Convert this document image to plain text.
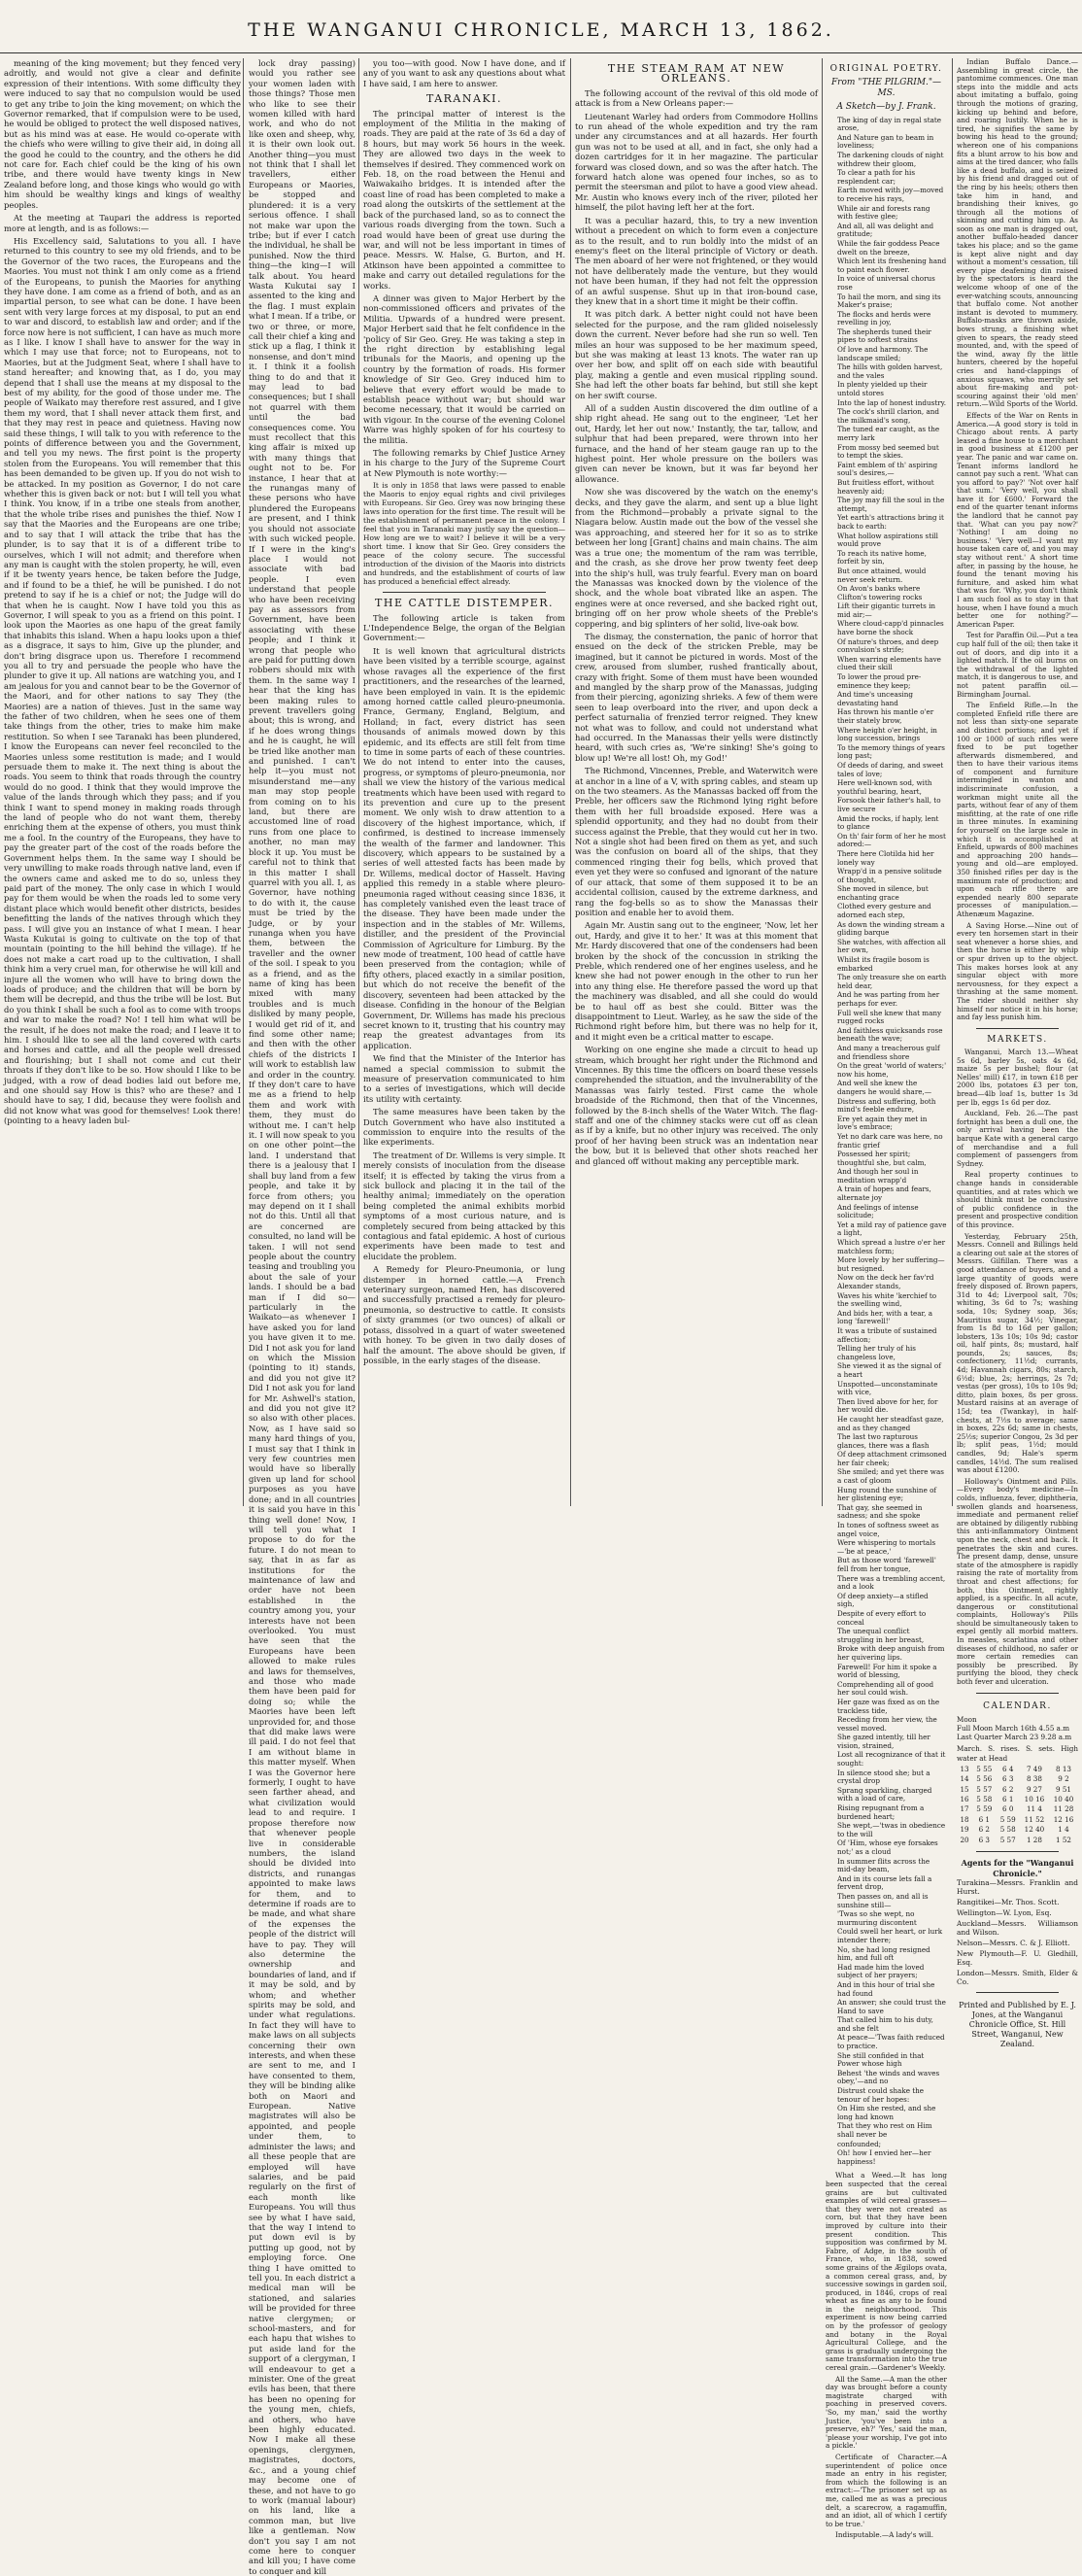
THE WANGANUI CHRONICLE, MARCH 13, 1862.

meaning of the king movement; but they fenced very adroitly, and would not give a clear and definite expression of their intentions. With some difficulty they were induced to say that no compulsion would be used to get any tribe to join the king movement; on which the Governor remarked, that if compulsion were to be used, he would be obliged to protect the well disposed natives, but as his mind was at ease. He would co-operate with the chiefs who were willing to give their aid, in doing all the good he could to the country, and the others he did not care for. Each chief could be the king of his own tribe, and there would have twenty kings in New Zealand before long, and those kings who would go with him should be wealthy kings and kings of wealthy peoples.

At the meeting at Taupari the address is reported more at length, and is as follows:—

His Excellency said, Salutations to you all. I have returned to this country to see my old friends, and to be the Governor of the two races, the Europeans and the Maories. You must not think I am only come as a friend of the Europeans, to punish the Maories for anything they have done. I am come as a friend of both, and as an impartial person, to see what can be done. I have been sent with very large forces at my disposal, to put an end to war and discord, to establish law and order; and if the force now here is not sufficient, I can have as much more as I like. I know I shall have to answer for the way in which I may use that force; not to Europeans, not to Maories, but at the Judgment Seat, where I shall have to stand hereafter; and knowing that, as I do, you may depend that I shall use the means at my disposal to the best of my ability, for the good of those under me. The people of Waikato may therefore rest assured, and I give them my word, that I shall never attack them first, and that they may rest in peace and quietness. Having now said these things, I will talk to you with reference to the points of difference between you and the Government, and tell you my news. The first point is the property stolen from the Europeans. You will remember that this has been demanded to be given up. If you do not wish to be attacked. In my position as Governor, I do not care whether this is given back or not: but I will tell you what I think. You know, if in a tribe one steals from another, that the whole tribe rises and punishes the thief. Now I say that the Maories and the Europeans are one tribe; and to say that I will attack the tribe that has the plunder, is to say that it is of a different tribe to ourselves, which I will not admit; and therefore when any man is caught with the stolen property, he will, even if it be twenty years hence, be taken before the Judge, and if found to be a thief, he will be punished. I do not pretend to say if he is a chief or not; the Judge will do that when he is caught. Now I have told you this as Governor, I will speak to you as a friend on this point. I look upon the Maories as one hapu of the great family that inhabits this island. When a hapu looks upon a thief as a disgrace, it says to him, Give up the plunder, and don't bring disgrace upon us. Therefore I recommend you all to try and persuade the people who have the plunder to give it up. All nations are watching you, and I am jealous for you and cannot bear to be the Governor of the Maori, and for other nations to say They (the Maories) are a nation of thieves. Just in the same way the father of two children, when he sees one of them take things from the other, tries to make him make restitution. So when I see Taranaki has been plundered, I know the Europeans can never feel reconciled to the Maories unless some restitution is made; and I would persuade them to make it. The next thing is about the roads. You seem to think that roads through the country would do no good. I think that they would improve the value of the lands through which they pass; and if you think I want to spend money in making roads through the land of people who do not want them, thereby enriching them at the expense of others, you must think me a fool. In the country of the Europeans, they have to pay the greater part of the cost of the roads before the Government helps them. In the same way I should be very unwilling to make roads through native land, even if the owners came and asked me to do so, unless they paid part of the money. The only case in which I would pay for them would be when the roads led to some very distant place which would benefit other districts, besides benefitting the lands of the natives through which they pass. I will give you an instance of what I mean. I hear Wasta Kukutai is going to cultivate on the top of that mountain (pointing to the hill behind the village). If he does not make a cart road up to the cultivation, I shall think him a very cruel man, for otherwise he will kill and injure all the women who will have to bring down the loads of produce; and the children that will be born by them will be decrepid, and thus the tribe will be lost. But do you think I shall be such a fool as to come with troops and war to make the road? No! I tell him what will be the result, if he does not make the road; and I leave it to him. I should like to see all the land covered with carts and horses and cattle, and all the people well dressed and flourishing; but I shall not come and cut their throats if they don't like to be so. How should I like to be judged, with a row of dead bodies laid out before me, and one should say How is this? who are these? and I should have to say, I did, because they were foolish and did not know what was good for themselves! Look there! (pointing to a heavy laden bul-

lock dray passing) would you rather see your women laden with those things? Those men who like to see their women killed with hard work, and who do not like oxen and sheep, why, it is their own look out. Another thing—you must not think that I shall let travellers, either Europeans or Maories, be stopped and plundered: it is a very serious offence. I shall not make war upon the tribe; but if ever I catch the individual, he shall be punished. Now the third thing—the king—I will talk about. You heard Wasta Kukutai say I assented to the king and the flag. I must explain what I mean. If a tribe, or two or three, or more, call their chief a king and stick up a flag, I think it nonsense, and don't mind it. I think it a foolish thing to do and that it may lead to bad consequences; but I shall not quarrel with them until the bad consequences come. You must recollect that this king affair is mixed up with many things that ought not to be. For instance, I hear that at the runangas many of these persons who have plundered the Europeans are present, and I think you should not associate with such wicked people. If I were in the king's place I would not associate with bad people. I even understand that people who have been receiving pay as assessors from Government, have been associating with these people; and I think it wrong that people who are paid for putting down robbers should mix with them. In the same way I hear that the king has been making rules to prevent travellers going about; this is wrong, and if he does wrong things and he is caught, he will be tried like another man and punished. I can't help it—you must not misunderstand me—any man may stop people from coming on to his land, but there are accustomed line of road runs from one place to another, no man may block it up. You must be careful not to think that in this matter I shall quarrel with you all. I, as Governor, have nothing to do with it, the cause must be tried by the Judge, or by your runanga when you have them, between the traveller and the owner of the soil. I speak to you as a friend, and as the name of king has been mixed with many troubles and is much disliked by many people, I would get rid of it, and find some other name; and then with the other chiefs of the districts I will work to establish law and order in the country. If they don't care to have me as a friend to help them and work with them, they must do without me. I can't help it. I will now speak to you on one other point—the land. I understand that there is a jealousy that I shall buy land from a few people, and take it by force from others; you may depend on it I shall not do this. Until all that are concerned are consulted, no land will be taken. I will not send people about the country teasing and troubling you about the sale of your lands. I should be a bad man if I did so—particularly in the Waikato—as whenever I have asked you for land you have given it to me. Did I not ask you for land on which the Mission (pointing to it) stands, and did you not give it? Did I not ask you for land for Mr. Ashwell's station, and did you not give it? so also with other places. Now, as I have said so many hard things of you, I must say that I think in very few countries men would have so liberally given up land for school purposes as you have done; and in all countries it is said you have in this thing well done! Now, I will tell you what I propose to do for the future. I do not mean to say, that in as far as institutions for the maintenance of law and order have not been established in the country among you, your interests have not been overlooked. You must have seen that the Europeans have been allowed to make rules and laws for themselves, and those who made them have been paid for doing so; while the Maories have been left unprovided for, and those that did make laws were ill paid. I do not feel that I am without blame in this matter myself. When I was the Governor here formerly, I ought to have seen farther ahead, and what civilization would lead to and require. I propose therefore now that whenever people live in considerable numbers, the island should be divided into districts, and runangas appointed to make laws for them, and to determine if roads are to be made, and what share of the expenses the people of the district will have to pay. They will also determine the ownership and boundaries of land, and if it may be sold, and by whom; and whether spirits may be sold, and under what regulations. In fact they will have to make laws on all subjects concerning their own interests, and when these are sent to me, and I have consented to them, they will be binding alike both on Maori and European. Native magistrates will also be appointed, and people under them, to administer the laws; and all these people that are employed will have salaries, and be paid regularly on the first of each month like Europeans. You will thus see by what I have said, that the way I intend to put down evil is by putting up good, not by employing force. One thing I have omitted to tell you. In each district a medical man will be stationed, and salaries will be provided for three native clergymen; or school-masters, and for each hapu that wishes to put aside land for the support of a clergyman, I will endeavour to get a minister. One of the great evils has been, that there has been no opening for the young men, chiefs, and others, who have been highly educated. Now I make all these openings, clergymen, magistrates, doctors, &c., and a young chief may become one of these, and not have to go to work (manual labour) on his land, like a common man, but live like a gentleman. Now don't you say I am not come here to conquer and kill you; I have come to conquer and kill

you too—with good. Now I have done, and if any of you want to ask any questions about what I have said, I am here to answer.

TARANAKI.

The principal matter of interest is the employment of the Militia in the making of roads. They are paid at the rate of 3s 6d a day of 8 hours, but may work 56 hours in the week. They are allowed two days in the week to themselves if desired. They commenced work on Feb. 18, on the road between the Henui and Waiwakaiho bridges. It is intended after the coast line of road has been completed to make a road along the outskirts of the settlement at the back of the purchased land, so as to connect the various roads diverging from the town. Such a road would have been of great use during the war, and will not be less important in times of peace. Messrs. W. Halse, G. Burton, and H. Atkinson have been appointed a committee to make and carry out detailed regulations for the works.

A dinner was given to Major Herbert by the non-commissioned officers and privates of the Militia. Upwards of a hundred were present. Major Herbert said that he felt confidence in the 'policy of Sir Geo. Grey. He was taking a step in the right direction by establishing legal tribunals for the Maoris, and opening up the country by the formation of roads. His former knowledge of Sir Geo. Grey induced him to believe that every effort would be made to establish peace without war; but should war become necessary, that it would be carried on with vigour. In the course of the evening Colonel Warre was highly spoken of for his courtesy to the militia.

The following remarks by Chief Justice Arney in his charge to the Jury of the Supreme Court at New Plymouth is note worthy:—

It is only in 1858 that laws were passed to enable the Maoris to enjoy equal rights and civil privileges with Europeans. Sir Geo. Grey was now bringing these laws into operation for the first time. The result will be the establishment of permanent peace in the colony. I feel that you in Taranaki may justly say the question—How long are we to wait? I believe it will be a very short time. I know that Sir Geo. Grey considers the peace of the colony secure. The successful introduction of the division of the Maoris into districts and hundreds, and the establishment of courts of law has produced a beneficial effect already.

THE CATTLE DISTEMPER.

The following article is taken from L'Independence Belge, the organ of the Belgian Government:—

It is well known that agricultural districts have been visited by a terrible scourge, against whose ravages all the experience of the first practitioners, and the researches of the learned, have been employed in vain. It is the epidemic among horned cattle called pleuro-pneumonia. France, Germany, England, Belgium, and Holland; in fact, every district has seen thousands of animals mowed down by this epidemic, and its effects are still felt from time to time in some parts of each of these countries. We do not intend to enter into the causes, progress, or symptoms of pleuro-pneumonia, nor shall we view the history of the various medical treatments which have been used with regard to its prevention and cure up to the present moment. We only wish to draw attention to a discovery of the highest importance, which, if confirmed, is destined to increase immensely the wealth of the farmer and landowner. This discovery, which appears to be sustained by a series of well attested facts has been made by Dr. Willems, medical doctor of Hasselt. Having applied this remedy in a stable where pleuro-pneumonia raged without ceasing since 1836, it has completely vanished even the least trace of the disease. They have been made under the inspection and in the stables of Mr. Willems, distiller, and the president of the Provincial Commission of Agriculture for Limburg. By the new mode of treatment, 100 head of cattle have been preserved from the contagion; while of fifty others, placed exactly in a similar position, but which do not receive the benefit of the discovery, seventeen had been attacked by the disease. Confiding in the honour of the Belgian Government, Dr. Willems has made his precious secret known to it, trusting that his country may reap the greatest advantages from its application.

We find that the Minister of the Interior has named a special commission to submit the measure of preservation communicated to him to a series of investigations, which will decide its utility with certainty.

The same measures have been taken by the Dutch Government who have also instituted a commission to enquire into the results of the like experiments.

The treatment of Dr. Willems is very simple. It merely consists of inoculation from the disease itself; it is effected by taking the virus from a sick bullock and placing it in the tail of the healthy animal; immediately on the operation being completed the animal exhibits morbid symptoms of a most curious nature, and is completely secured from being attacked by this contagious and fatal epidemic. A host of curious experiments have been made to test and elucidate the problem.

A Remedy for Pleuro-Pneumonia, or lung distemper in horned cattle.—A French veterinary surgeon, named Hen, has discovered and successfully practised a remedy for pleuro-pneumonia, so destructive to cattle. It consists of sixty grammes (or two ounces) of alkali or potass, dissolved in a quart of water sweetened with honey. To be given in two daily doses of half the amount. The above should be given, if possible, in the early stages of the disease.

THE STEAM RAM AT NEW ORLEANS.

The following account of the revival of this old mode of attack is from a New Orleans paper:—

Lieutenant Warley had orders from Commodore Hollins to run ahead of the whole expedition and try the ram under any circumstances and at all hazards. Her fourth gun was not to be used at all, and in fact, she only had a dozen cartridges for it in her magazine. The particular forward was closed down, and so was the after hatch. The forward hatch alone was opened four inches, so as to permit the steersman and pilot to have a good view ahead. Mr. Austin who knows every inch of the river, piloted her himself, the pilot having left her at the fort.

It was a peculiar hazard, this, to try a new invention without a precedent on which to form even a conjecture as to the result, and to run boldly into the midst of an enemy's fleet on the literal principle of Victory or death. The men aboard of her were not frightened, or they would not have deliberately made the venture, but they would not have been human, if they had not felt the oppression of an awful suspense. Shut up in that iron-bound case, they knew that in a short time it might be their coffin.

It was pitch dark. A better night could not have been selected for the purpose, and the ram glided noiselessly down the current. Never before had she run so well. Ten miles an hour was supposed to be her maximum speed, but she was making at least 13 knots. The water ran up over her bow, and split off on each side with beautiful play, making a gentle and even musical rippling sound. She had left the other boats far behind, but still she kept on her swift course.

All of a sudden Austin discovered the dim outline of a ship right ahead. He sang out to the engineer, 'Let her out, Hardy, let her out now.' Instantly, the tar, tallow, and sulphur that had been prepared, were thrown into her furnace, and the hand of her steam gauge ran up to the highest point. Her whole pressure on the boilers was given can never be known, but it was far beyond her allowance.

Now she was discovered by the watch on the enemy's decks, and they gave the alarm, and sent up a blue light from the Richmond—probably a private signal to the Niagara below. Austin made out the bow of the vessel she was approaching, and steered her for it so as to strike between her long [Grant] chains and main chains. The aim was a true one; the momentum of the ram was terrible, and the crash, as she drove her prow twenty feet deep into the ship's hull, was truly fearful. Every man on board the Manassas was knocked down by the violence of the shock, and the whole boat vibrated like an aspen. The engines were at once reversed, and she backed right out, bringing off on her prow whole sheets of the Preble's coppering, and big splinters of her solid, live-oak bow.

The dismay, the consternation, the panic of horror that ensued on the deck of the stricken Preble, may be imagined, but it cannot be pictured in words. Most of the crew, aroused from slumber, rushed frantically about, crazy with fright. Some of them must have been wounded and mangled by the sharp prow of the Manassas, judging from their piercing, agonizing shrieks. A few of them were seen to leap overboard into the river, and upon deck a perfect saturnalia of frenzied terror reigned. They knew not what was to follow, and could not understand what had occurred. In the Manassas their yells were distinctly heard, with such cries as, 'We're sinking! She's going to blow up! We're all lost! Oh, my God!'

The Richmond, Vincennes, Preble, and Waterwitch were at anchor in a line of a V, with spring cables, and steam up on the two steamers. As the Manassas backed off from the Preble, her officers saw the Richmond lying right before them with her full broadside exposed. Here was a splendid opportunity, and they had no doubt from their success against the Preble, that they would cut her in two. Not a single shot had been fired on them as yet, and such was the confusion on board all of the ships, that they commenced ringing their fog bells, which proved that even yet they were so confused and ignorant of the nature of our attack, that some of them supposed it to be an accidental collision, caused by the extreme darkness, and rang the fog-bells so as to show the Manassas their position and enable her to avoid them.

Again Mr. Austin sang out to the engineer, 'Now, let her out, Hardy, and give it to her.' It was at this moment that Mr. Hardy discovered that one of the condensers had been broken by the shock of the concussion in striking the Preble, which rendered one of her engines useless, and he knew she had not power enough in the other to run her into any thing else. He therefore passed the word up that the machinery was disabled, and all she could do would be to haul off as best she could. Bitter was the disappointment to Lieut. Warley, as he saw the side of the Richmond right before him, but there was no help for it, and it might even be a critical matter to escape.

Working on one engine she made a circuit to head up stream, which brought her right under the Richmond and Vincennes. By this time the officers on board these vessels comprehended the situation, and the invulnerability of the Manassas was fairly tested. First came the whole broadside of the Richmond, then that of the Vincennes, followed by the 8-inch shells of the Water Witch. The flag-staff and one of the chimney stacks were cut off as clean as if by a knife, but no other injury was received. The only proof of her having been struck was an indentation near the bow, but it is believed that other shots reached her and glanced off without making any perceptible mark.

ORIGINAL POETRY.
From "THE PILGRIM."—MS.
A Sketch—by J. Frank.

The king of day in regal state arose,

And Nature gan to beam in loveliness;

The darkening clouds of night withdrew their gloom,

To clear a path for his resplendent car;

Earth moved with joy—moved to receive his rays,

While air and forests rang with festive glee;

And all, all was delight and gratitude;

While the fair goddess Peace dwelt on the breeze,

Which lent its freshening hand to paint each flower.

In voice of universal chorus rose

To hail the morn, and sing its Maker's praise;

The flocks and herds were revelling in joy,

The shepherds tuned their pipes to softest strains

Of love and harmony. The landscape smiled;

The hills with golden harvest, and the vales

In plenty yielded up their untold stores

Into the lap of honest industry.

The cock's shrill clarion, and the milkmaid's song,

The tuned ear caught, as the merry lark

From mossy bed seemed but to tempt the skies.

Faint emblem of th' aspiring soul's desires,—

But fruitless effort, without heavenly aid;

The joy may fill the soul in the attempt,

Yet earth's attractions bring it back to earth:

What hollow aspirations still would prove

To reach its native home, forfeit by sin,

But once attained, would never seek return.

On Avon's banks where Clifton's towering rocks

Lift their gigantic turrets in mid air;—

Where cloud-capp'd pinnacles have borne the shock

Of nature's throes, and deep convulsion's strife;

When warring elements have clued their skill

To lower the proud pre-eminence they keep;

And time's unceasing devastating hand

Has thrown his mantle o'er their stately brow,

Where height o'er height, in long succession, brings

To the memory things of years long past;

Of deeds of daring, and sweet tales of love;

Here well-known sod, with youthful bearing, heart,

Forsook their father's hall, to live secure

Amid the rocks, if haply, lent to glance

On th' fair form of her he most adored:—

There here Clotilda hid her lonely way

Wrapp'd in a pensive solitude of thought,

She moved in silence, but enchanting grace

Clothed every gesture and adorned each step,

As down the winding stream a gliding barque

She watches, with affection all her own,

Whilst its fragile bosom is embarked

The only treasure she on earth held dear,

And he was parting from her perhaps for ever.

Full well she knew that many rugged rocks

And faithless quicksands rose beneath the wave;

And many a treacherous gulf and friendless shore

On the great 'world of waters;' now his home,

And well she knew the dangers he would share,—

Distress and suffering, both mind's feeble endure,

Ere yet again they met in love's embrace;

Yet no dark care was here, no frantic grief

Possessed her spirit; thoughtful she, but calm,

And though her soul in meditation wrapp'd

A train of hopes and fears, alternate joy

And feelings of intense solicitude;

Yet a mild ray of patience gave a light,

Which spread a lustre o'er her matchless form;

More lovely by her suffering—but resigned.

Now on the deck her fav'rd Alexander stands,

Waves his white 'kerchief to the swelling wind,

And bids her, with a tear, a long 'farewell!'

It was a tribute of sustained affection;

Telling her truly of his changeless love,

She viewed it as the signal of a heart

Unspotted—unconstaminate with vice,

Then lived above for her, for her would die.

He caught her steadfast gaze, and as they changed

The last two rapturous glances, there was a flash

Of deep attachment crimsoned her fair cheek;

She smiled; and yet there was a cast of gloom

Hung round the sunshine of her glistening eye;

That gay, she seemed in sadness; and she spoke

In tones of softness sweet as angel voice,

Were whispering to mortals—'be at peace,'

But as those word 'farewell' fell from her tongue,

There was a trembling accent, and a look

Of deep anxiety—a stifled sigh,

Despite of every effort to conceal

The unequal conflict struggling in her breast,

Broke with deep anguish from her quivering lips.

Farewell! For him it spoke a world of blessing,

Comprehending all of good her soul could wish.

Her gaze was fixed as on the trackless tide,

Receding from her view, the vessel moved.

She gazed intently, till her vision, strained,

Lost all recognizance of that it sought:

In silence stood she; but a crystal drop

Sprang sparkling, charged with a load of care,

Rising repugnant from a burdened heart;

She wept,—'twas in obedience to the will

Of 'Him, whose eye forsakes not;' as a cloud

In summer flits across the mid-day beam,

And in its course lets fall a fervent drop,

Then passes on, and all is sunshine still—

'Twas so she wept, no murmuring discontent

Could swell her heart, or lurk intender there;

No, she had long resigned him, and full oft

Had made him the loved subject of her prayers;

And in this hour of trial she had found

An answer; she could trust the Hand to save

That called him to his duty, and she felt

At peace—'Twas faith reduced to practice.

She still confided in that Power whose high

Behest 'the winds and waves obey,'—and no

Distrust could shake the tenour of her hopes:

On Him she rested, and she long had known

That they who rest on Him shall never be

confounded;

Oh! how I envied her—her happiness!

What a Weed.—It has long been suspected that the cereal grains are but cultivated examples of wild cereal grasses—that they were not created as corn, but that they have been improved by culture into their present condition. This supposition was confirmed by M. Fabre, of Adge, in the south of France, who, in 1838, sowed some grains of the Ægilops ovata, a common cereal grass, and, by successive sowings in garden soil, produced, in 1846, crops of real wheat as fine as any to be found in the neighbourhood. This experiment is now being carried on by the professor of geology and botany in the Royal Agricultural College, and the grass is gradually undergoing the same transformation into the true cereal grain.—Gardener's Weekly.

All the Same.—A man the other day was brought before a county magistrate charged with poaching in preserved covers. 'So, my man,' said the worthy Justice, 'you've been into a preserve, eh?' 'Yes,' said the man, 'please your worship, I've got into a pickle.'

Certificate of Character.—A superintendent of police once made an entry in his register, from which the following is an extract:—'The prisoner set up as me, called me as was a precious delt, a scarecrow, a ragamuffin, and an idiot, all of which I certify to be true.'

Indisputable.—A lady's will.

Indian Buffalo Dance.—Assembling in great circle, the pantomime commences. One man steps into the middle and acts about imitating a buffalo, going through the motions of grazing, kicking up behind and before, and roaring lustily. When he is tired, he signifies the same by bowing his head to the ground; whereon one of his companions fits a blunt arrow to his bow and aims at the tired dancer, who falls like a dead buffalo, and is seized by his friend and dragged out of the ring by his heels; others then take him in hand, and brandishing their knives, go through all the motions of skinning and cutting him up. As soon as one man is dragged out, another buffalo-headed dancer takes his place; and so the game is kept alive night and day without a moment's cessation, till every pipe deafening din raised by the spectators is heard the welcome whoop of one of the ever-watching scouts, announcing that buffalo come. Not another instant is devoted to mummery. Buffalo-masks are thrown aside, bows strung, a finishing whet given to spears, the ready steed mounted, and, with the speed of the wind, away fly the little hunters, cheered by the hopeful cries and hand-clappings of anxious squaws, who merrily set about fire-making and pot-scouring against their 'old men' return.—Wild Sports of the World.

Effects of the War on Rents in America.—A good story is told in Chicago about rents. A party leased a fine house to a merchant in good business at £1200 per year. The panic and war came on. Tenant informs landlord he cannot pay such a rent. 'What can you afford to pay?' 'Not over half that sum.' 'Very well, you shall have it for £600.' Forward the end of the quarter tenant informs the landlord that he cannot pay that. 'What can you pay now?' 'Nothing! I am doing no business.' 'Very well—I want my house taken care of, and you may stay without rent.' A short time after, in passing by the house, he found the tenant moving his furniture, and asked him what that was for. 'Why, you don't think I am such fool as to stay in that house, when I have found a much better one for nothing?'—American Paper.

Test for Paraffin Oil.—Put a tea cup half full of the oil; then take it out of doors, and dip into it a lighted match. If the oil burns on the withdrawal of the lighted match, it is dangerous to use, and not patent paraffin oil.—Birmingham Journal.

The Enfield Rifle.—In the completed Enfield rifle there are not less than sixty-one separate and distinct portions; and yet if 100 or 1000 of such rifles were fixed to be put together afterwards dismembered, and then to have their various items of component and furniture intermingled in wanton and indiscriminate confusion, a workman might unite all the parts, without fear of any of them misfitting, at the rate of one rifle in three minutes. In examining for yourself on the large scale in which it is accomplished at Enfield, upwards of 800 machines and approaching 200 hands—young and old—are employed. 350 finished rifles per day is the maximum rate of production; and upon each rifle there are expended nearly 800 separate processes of manipulation.—Athenæum Magazine.

A Saving Horse.—Nine out of every ten horsemen start in their seat whenever a horse shies, and then the horse is either by whip or spur driven up to the object. This makes horses look at any singular object with more nervousness, for they expect a thrashing at the same moment. The rider should neither shy himself nor notice it in his horse; and fay less punish him.

MARKETS.

Wanganui, March 13.—Wheat 5s 6d, barley 5s, oats 4s 6d, maize 5s per bushel; flour (at Nelles' mill) £17, in town £18 per 2000 lbs, potatoes £3 per ton, bread—4lb loaf 1s, butter 1s 3d per lb, eggs 1s 6d per doz.

Auckland, Feb. 26.—The past fortnight has been a dull one, the only arrival having been the barque Kate with a general cargo of merchandise and a full complement of passengers from Sydney.

Real property continues to change hands in considerable quantities, and at rates which we should think must be conclusive of public confidence in the present and prospective condition of this province.

Yesterday, February 25th, Messrs. Connell and Billings held a clearing out sale at the stores of Messrs. Gilfillan. There was a good attendance of buyers, and a large quantity of goods were freely disposed of. Brown papers, 31d to 4d; Liverpool salt, 70s; whiting, 3s 6d to 7s; washing soda, 10s; Sydney soap, 36s; Mauritius sugar, 34½; Vinegar, from 1s 8d to 16d per gallon; lobsters, 13s 10s; 10s 9d; castor oil, half pints, 8s; mustard, half pounds, 2s; sauces, 8s; confectionery, 11½d; currants, 4d; Havannah cigars, 80s; starch, 6½d; blue, 2s; herrings, 2s 7d; vestas (per gross), 10s to 10s 9d; ditto, plain boxes, 8s per gross. Mustard raisins at an average of 15d; tea (Twankay), in half-chests, at 7½s to average; same in boxes, 22s 6d; same in chests, 25½s; superior Congou, 2s 3d per lb; split peas, 1½d; mould candles, 9d; Hale's sperm candles, 14½d. The sum realised was about £1200.

Holloway's Ointment and Pills.—Every body's medicine—In colds, influenza, fever, diphtheria, swollen glands and hoarseness, immediate and permanent relief are obtained by diligently rubbing this anti-inflammatory Ointment upon the neck, chest and back. It penetrates the skin and cures. The present damp, dense, unsure state of the atmosphere is rapidly raising the rate of mortality from throat and chest affections; for both, this Ointment, rightly applied, is a specific. In all acute, dangerous or constitutional complaints, Holloway's Pills should be simultaneously taken to expel gently all morbid matters. In measles, scarlatina and other diseases of childhood, no safer or more certain remedies can possibly be prescribed. By purifying the blood, they check both fever and ulceration.

CALENDAR.
Moon
Full Moon March 16th 4.55 a.m
Last Quarter March 23 9.28 a.m
March. S. rises. S. sets. High water at Head
13	5 55	6 4	7 49	8 13
14	5 56	6 3	8 38	9 2
15	5 57	6 2	9 27	9 51
16	5 58	6 1	10 16	10 40
17	5 59	6 0	11 4	11 28
18	6 1	5 59	11 52	12 16
19	6 2	5 58	12 40	1 4
20	6 3	5 57	1 28	1 52
Agents for the "Wanganui Chronicle."

Turakina—Messrs. Franklin and Hurst.

Rangitikei—Mr. Thos. Scott.

Wellington—W. Lyon, Esq.

Auckland—Messrs. Williamson and Wilson.

Nelson—Messrs. C. & J. Elliott.

New Plymouth—F. U. Gledhill, Esq.

London—Messrs. Smith, Elder & Co.

Printed and Published by E. J. Jones, at the Wanganui Chronicle Office, St. Hill Street, Wanganui, New Zealand.
